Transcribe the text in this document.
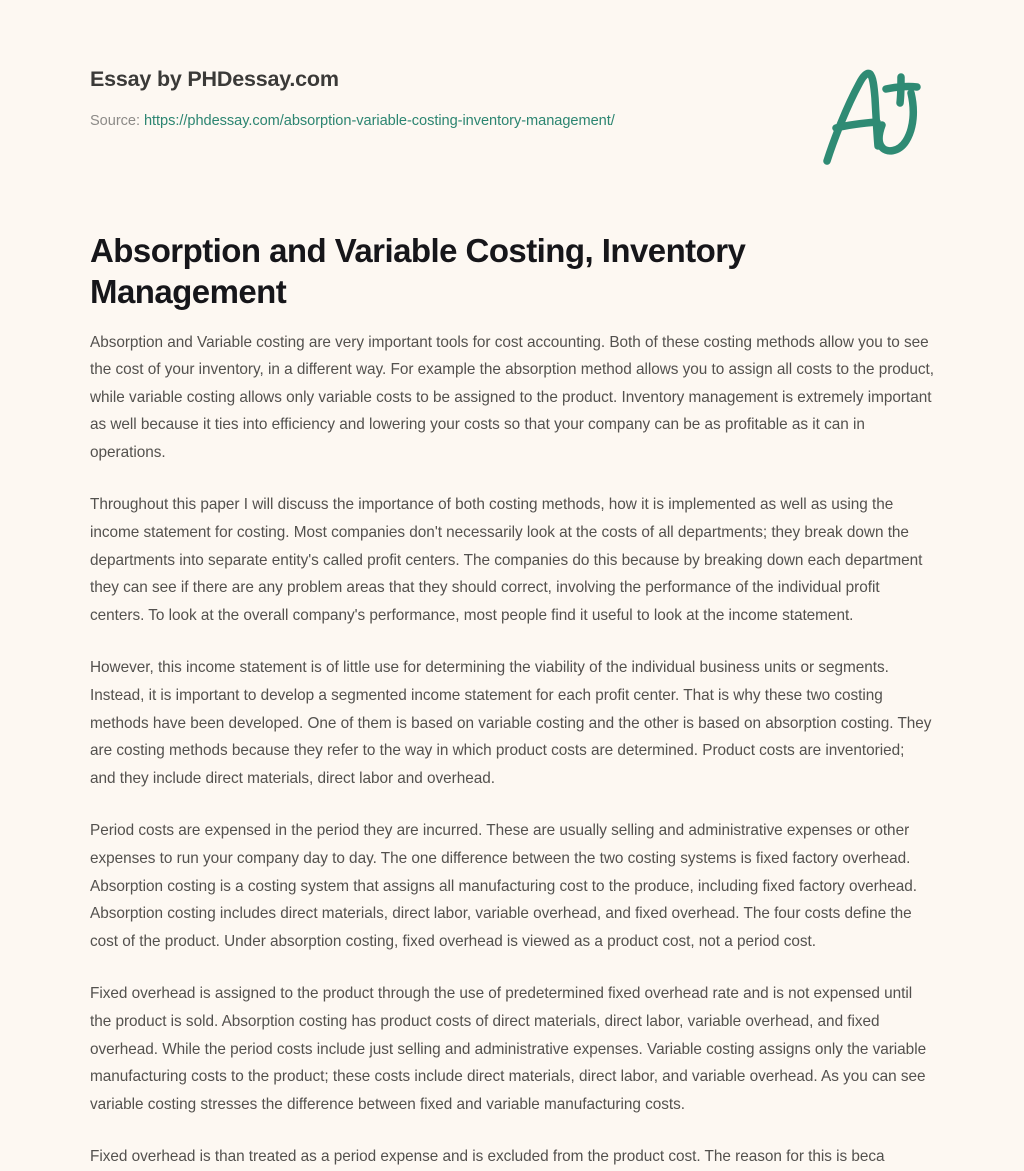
Essay by PHDessay.com
Source: https://phdessay.com/absorption-variable-costing-inventory-management/
Absorption and Variable Costing, Inventory Management

Absorption and Variable costing are very important tools for cost accounting. Both of these costing methods allow you to see the cost of your inventory, in a different way. For example the absorption method allows you to assign all costs to the product, while variable costing allows only variable costs to be assigned to the product. Inventory management is extremely important as well because it ties into efficiency and lowering your costs so that your company can be as profitable as it can in operations.

Throughout this paper I will discuss the importance of both costing methods, how it is implemented as well as using the income statement for costing. Most companies don't necessarily look at the costs of all departments; they break down the departments into separate entity's called profit centers. The companies do this because by breaking down each department they can see if there are any problem areas that they should correct, involving the performance of the individual profit centers. To look at the overall company's performance, most people find it useful to look at the income statement.

However, this income statement is of little use for determining the viability of the individual business units or segments. Instead, it is important to develop a segmented income statement for each profit center. That is why these two costing methods have been developed. One of them is based on variable costing and the other is based on absorption costing. They are costing methods because they refer to the way in which product costs are determined. Product costs are inventoried; and they include direct materials, direct labor and overhead.

Period costs are expensed in the period they are incurred. These are usually selling and administrative expenses or other expenses to run your company day to day. The one difference between the two costing systems is fixed factory overhead. Absorption costing is a costing system that assigns all manufacturing cost to the produce, including fixed factory overhead. Absorption costing includes direct materials, direct labor, variable overhead, and fixed overhead. The four costs define the cost of the product. Under absorption costing, fixed overhead is viewed as a product cost, not a period cost.

Fixed overhead is assigned to the product through the use of predetermined fixed overhead rate and is not expensed until the product is sold. Absorption costing has product costs of direct materials, direct labor, variable overhead, and fixed overhead. While the period costs include just selling and administrative expenses. Variable costing assigns only the variable manufacturing costs to the product; these costs include direct materials, direct labor, and variable overhead. As you can see variable costing stresses the difference between fixed and variable manufacturing costs.

Fixed overhead is than treated as a period expense and is excluded from the product cost. The reason for this is beca
